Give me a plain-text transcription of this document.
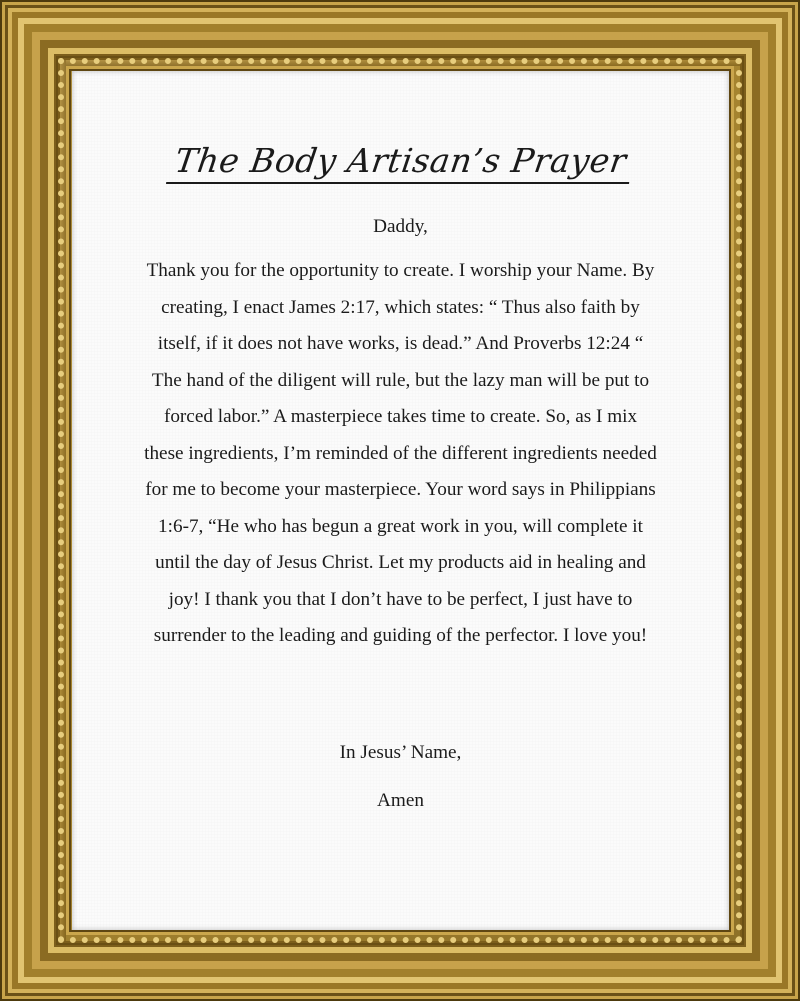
The Body Artisan’s Prayer
Daddy,
Thank you for the opportunity to create. I worship your Name. By creating, I enact James 2:17, which states: “ Thus also faith by itself, if it does not have works, is dead.” And Proverbs 12:24 “ The hand of the diligent will rule, but the lazy man will be put to forced labor.” A masterpiece takes time to create. So, as I mix these ingredients, I’m reminded of the different ingredients needed for me to become your masterpiece. Your word says in Philippians 1:6-7, “He who has begun a great work in you, will complete it until the day of Jesus Christ. Let my products aid in healing and joy! I thank you that I don’t have to be perfect, I just have to surrender to the leading and guiding of the perfector. I love you!
In Jesus’ Name,
Amen
